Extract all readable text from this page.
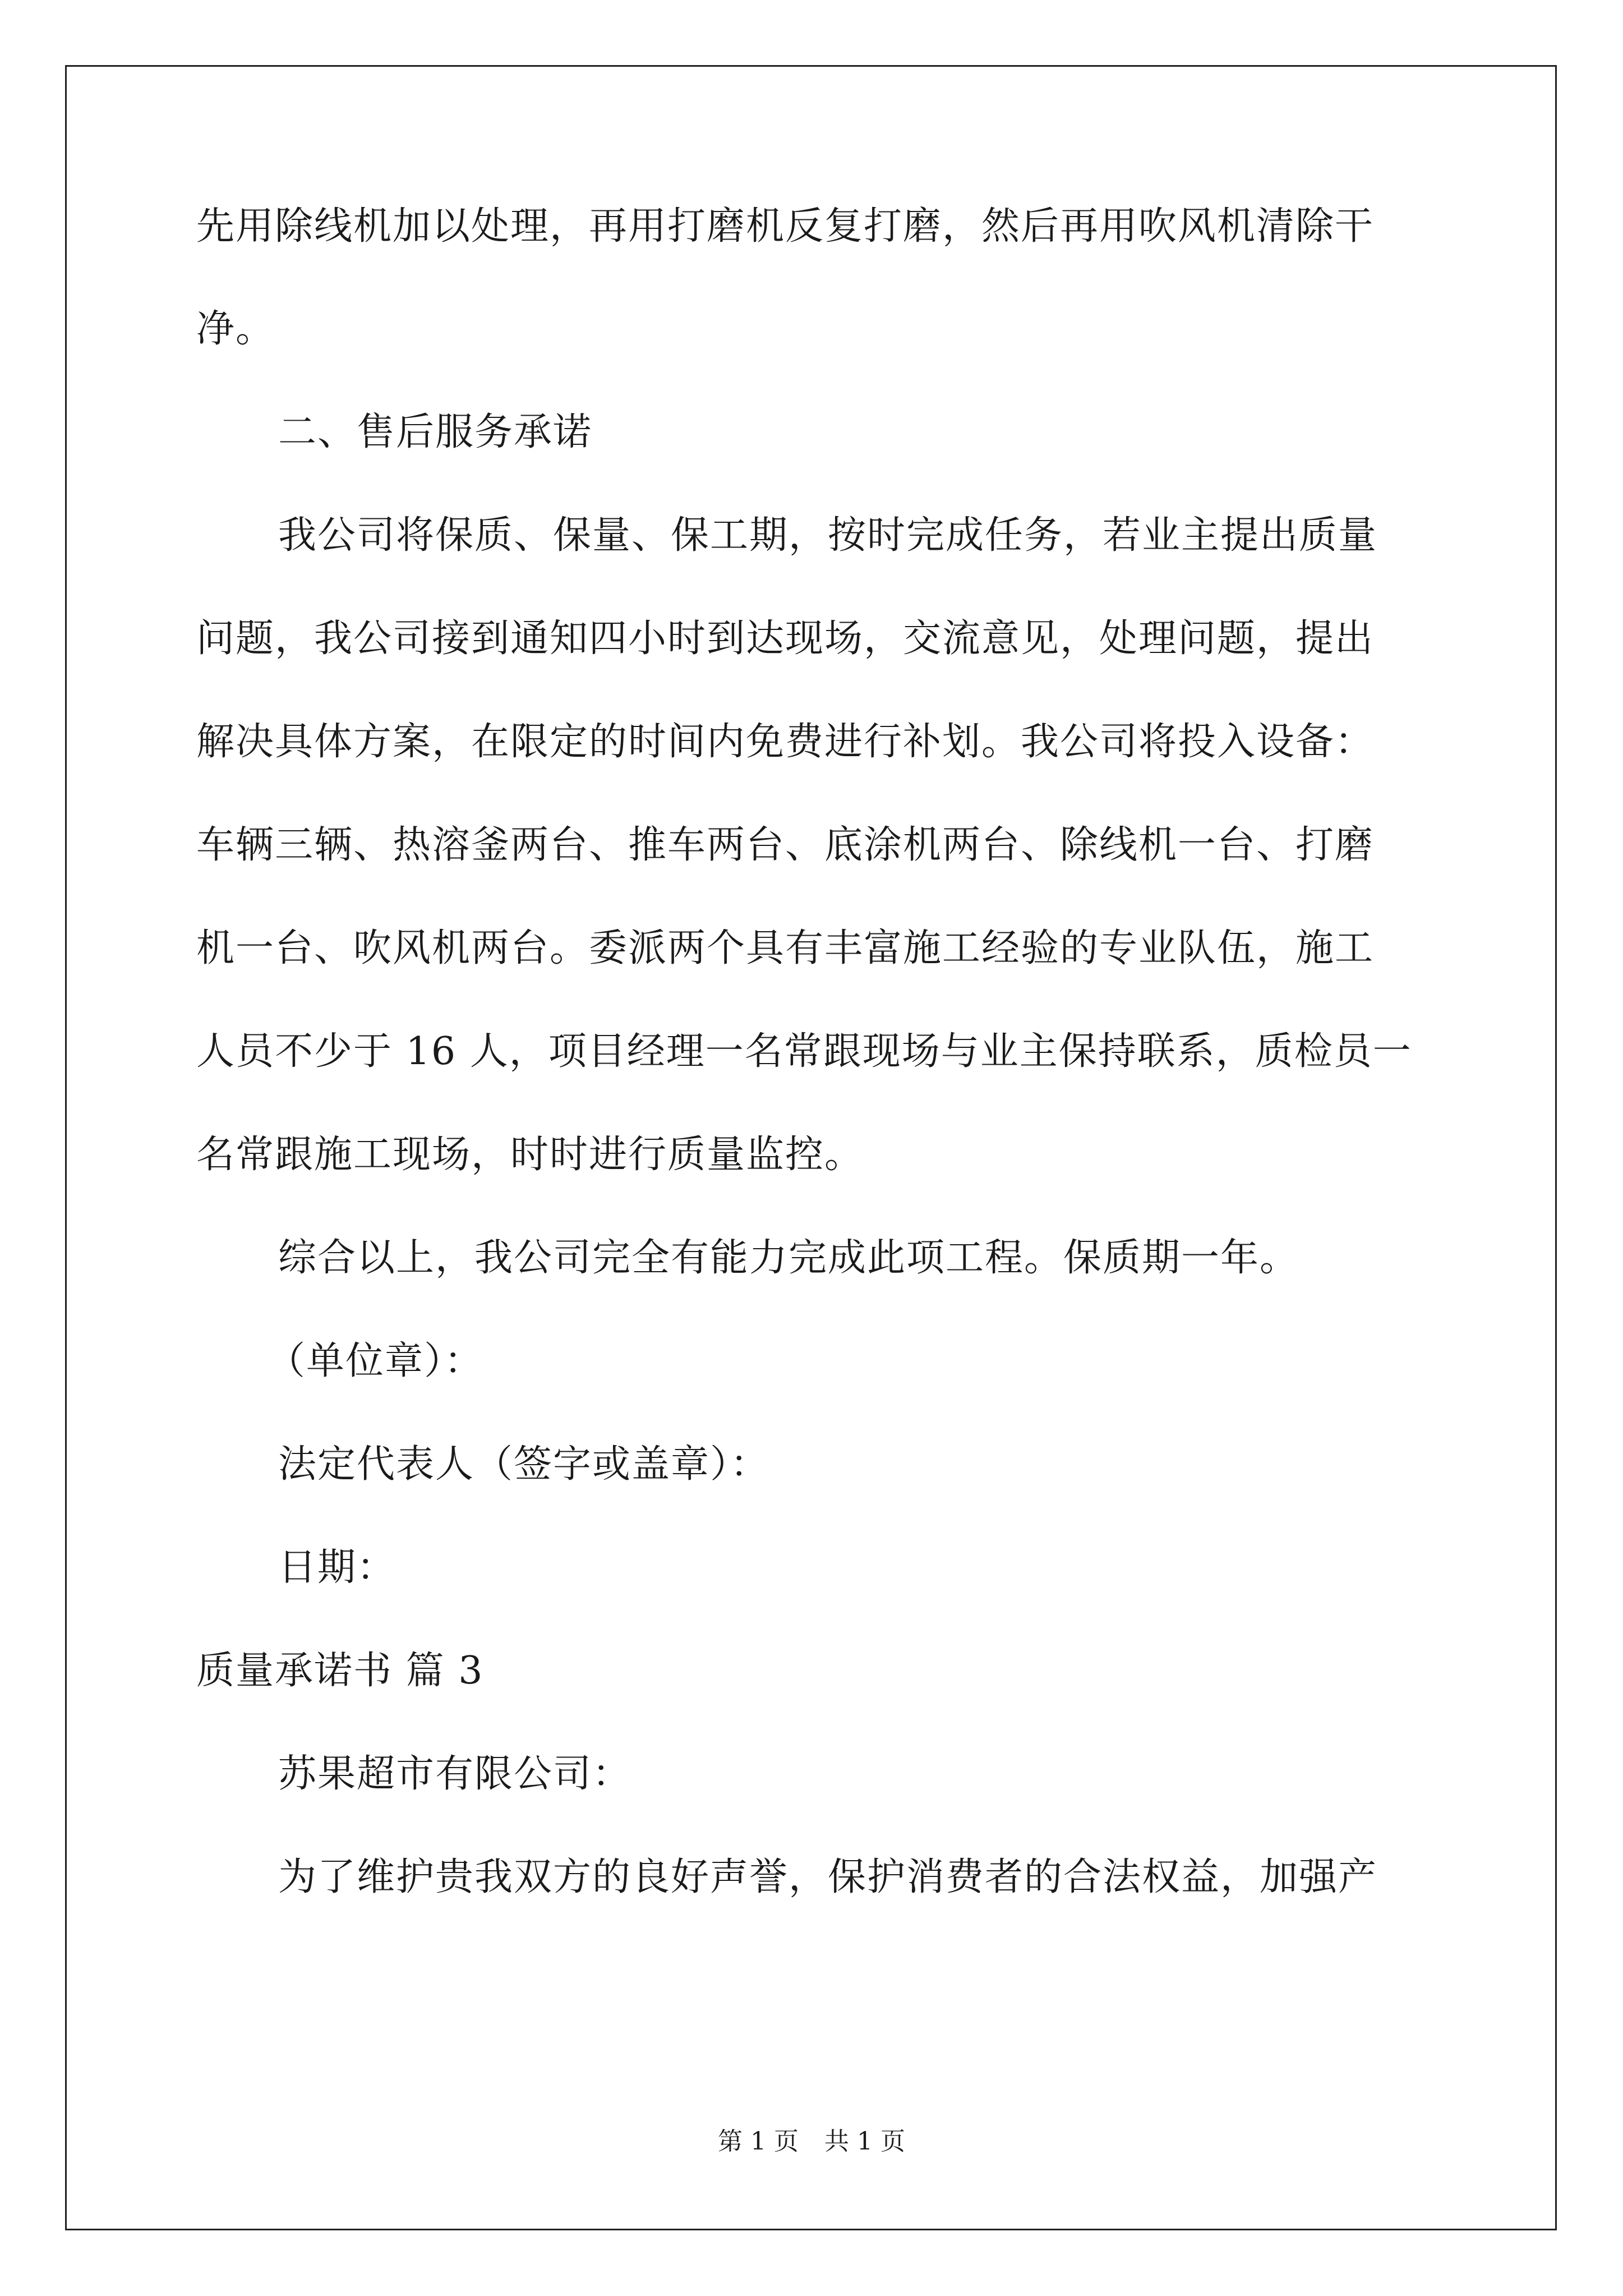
先用除线机加以处理，再用打磨机反复打磨，然后再用吹风机清除干

净。

二、售后服务承诺

我公司将保质、保量、保工期，按时完成任务，若业主提出质量

问题，我公司接到通知四小时到达现场，交流意见，处理问题，提出

解决具体方案，在限定的时间内免费进行补划。我公司将投入设备：

车辆三辆、热溶釜两台、推车两台、底涂机两台、除线机一台、打磨

机一台、吹风机两台。委派两个具有丰富施工经验的专业队伍，施工

人员不少于 16 人，项目经理一名常跟现场与业主保持联系，质检员一

名常跟施工现场，时时进行质量监控。

综合以上，我公司完全有能力完成此项工程。保质期一年。

（单位章）：

法定代表人（签字或盖章）：

日期：

质量承诺书 篇 3

苏果超市有限公司：

为了维护贵我双方的良好声誉，保护消费者的合法权益，加强产

第 1 页 共 1 页
